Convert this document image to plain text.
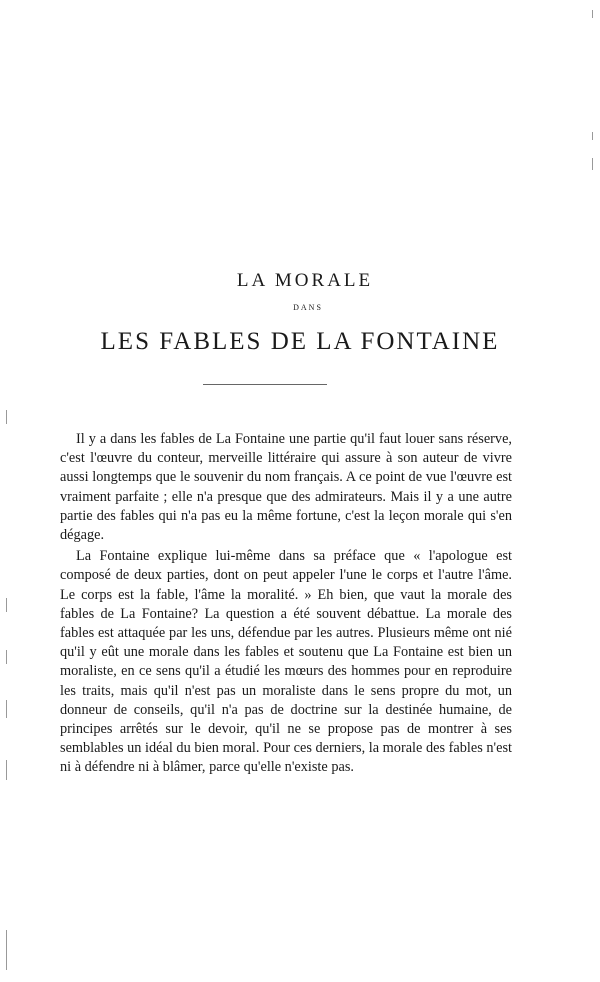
LA MORALE
DANS
LES FABLES DE LA FONTAINE

Il y a dans les fables de La Fontaine une partie qu'il faut louer sans réserve, c'est l'œuvre du conteur, merveille littéraire qui assure à son auteur de vivre aussi longtemps que le souvenir du nom français. A ce point de vue l'œuvre est vraiment parfaite ; elle n'a presque que des admirateurs. Mais il y a une autre partie des fables qui n'a pas eu la même fortune, c'est la leçon morale qui s'en dégage.

La Fontaine explique lui-même dans sa préface que « l'apologue est composé de deux parties, dont on peut appeler l'une le corps et l'autre l'âme. Le corps est la fable, l'âme la moralité. » Eh bien, que vaut la morale des fables de La Fontaine? La question a été souvent débattue. La morale des fables est attaquée par les uns, défendue par les autres. Plusieurs même ont nié qu'il y eût une morale dans les fables et soutenu que La Fontaine est bien un moraliste, en ce sens qu'il a étudié les mœurs des hommes pour en reproduire les traits, mais qu'il n'est pas un moraliste dans le sens propre du mot, un donneur de conseils, qu'il n'a pas de doctrine sur la destinée humaine, de principes arrêtés sur le devoir, qu'il ne se propose pas de montrer à ses semblables un idéal du bien moral. Pour ces derniers, la morale des fables n'est ni à défendre ni à blâmer, parce qu'elle n'existe pas.
